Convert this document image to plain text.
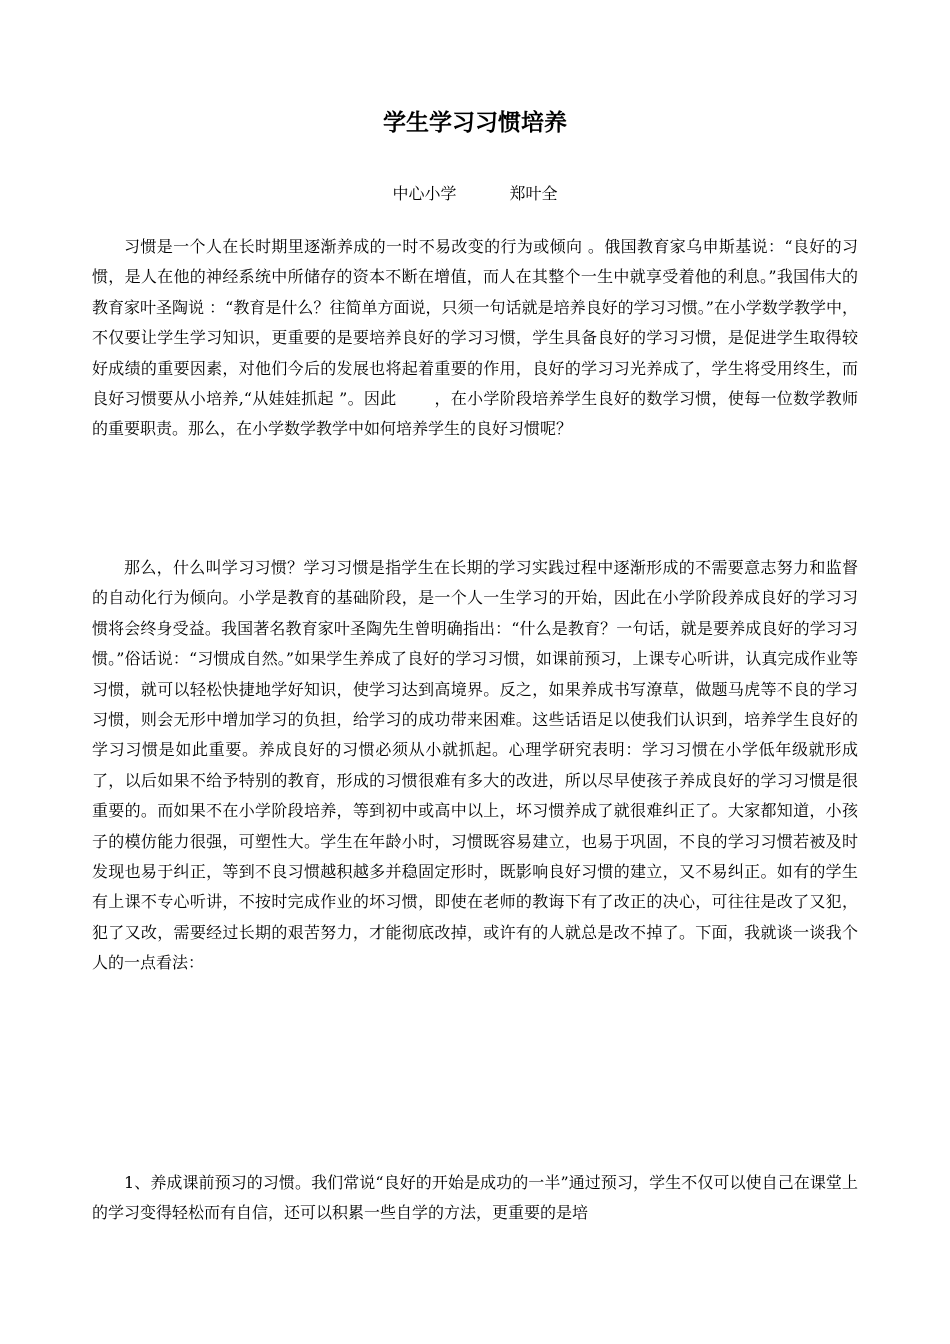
学生学习习惯培养
中心小学	郑叶全

习惯是一个人在长时期里逐渐养成的一时不易改变的行为或倾向 。俄国教育家乌申斯基说：“良好的习惯，是人在他的神经系统中所储存的资本不断在增值，而人在其整个一生中就享受着他的利息。”我国伟大的教育家叶圣陶说 ：“教育是什么？往简单方面说，只须一句话就是培养良好的学习习惯。”在小学数学教学中，不仅要让学生学习知识，更重要的是要培养良好的学习习惯，学生具备良好的学习习惯，是促进学生取得较好成绩的重要因素，对他们今后的发展也将起着重要的作用，良好的学习习光养成了，学生将受用终生，而良好习惯要从小培养,“从娃娃抓起 ”。因此　　 ，在小学阶段培养学生良好的数学习惯，使每一位数学教师的重要职责。那么，在小学数学教学中如何培养学生的良好习惯呢？

那么，什么叫学习习惯？学习习惯是指学生在长期的学习实践过程中逐渐形成的不需要意志努力和监督的自动化行为倾向。小学是教育的基础阶段，是一个人一生学习的开始，因此在小学阶段养成良好的学习习惯将会终身受益。我国著名教育家叶圣陶先生曾明确指出：“什么是教育？一句话，就是要养成良好的学习习惯。”俗话说：“习惯成自然。”如果学生养成了良好的学习习惯，如课前预习，上课专心听讲，认真完成作业等习惯，就可以轻松快捷地学好知识，使学习达到高境界。反之，如果养成书写潦草，做题马虎等不良的学习习惯，则会无形中增加学习的负担，给学习的成功带来困难。这些话语足以使我们认识到，培养学生良好的学习习惯是如此重要。养成良好的习惯必须从小就抓起。心理学研究表明：学习习惯在小学低年级就形成了，以后如果不给予特别的教育，形成的习惯很难有多大的改进，所以尽早使孩子养成良好的学习习惯是很重要的。而如果不在小学阶段培养，等到初中或高中以上，坏习惯养成了就很难纠正了。大家都知道，小孩子的模仿能力很强，可塑性大。学生在年龄小时，习惯既容易建立，也易于巩固，不良的学习习惯若被及时发现也易于纠正，等到不良习惯越积越多并稳固定形时，既影响良好习惯的建立，又不易纠正。如有的学生有上课不专心听讲，不按时完成作业的坏习惯，即使在老师的教诲下有了改正的决心，可往往是改了又犯，犯了又改，需要经过长期的艰苦努力，才能彻底改掉，或许有的人就总是改不掉了。下面，我就谈一谈我个人的一点看法：

1、养成课前预习的习惯。我们常说“良好的开始是成功的一半”通过预习，学生不仅可以使自己在课堂上的学习变得轻松而有自信，还可以积累一些自学的方法，更重要的是培
